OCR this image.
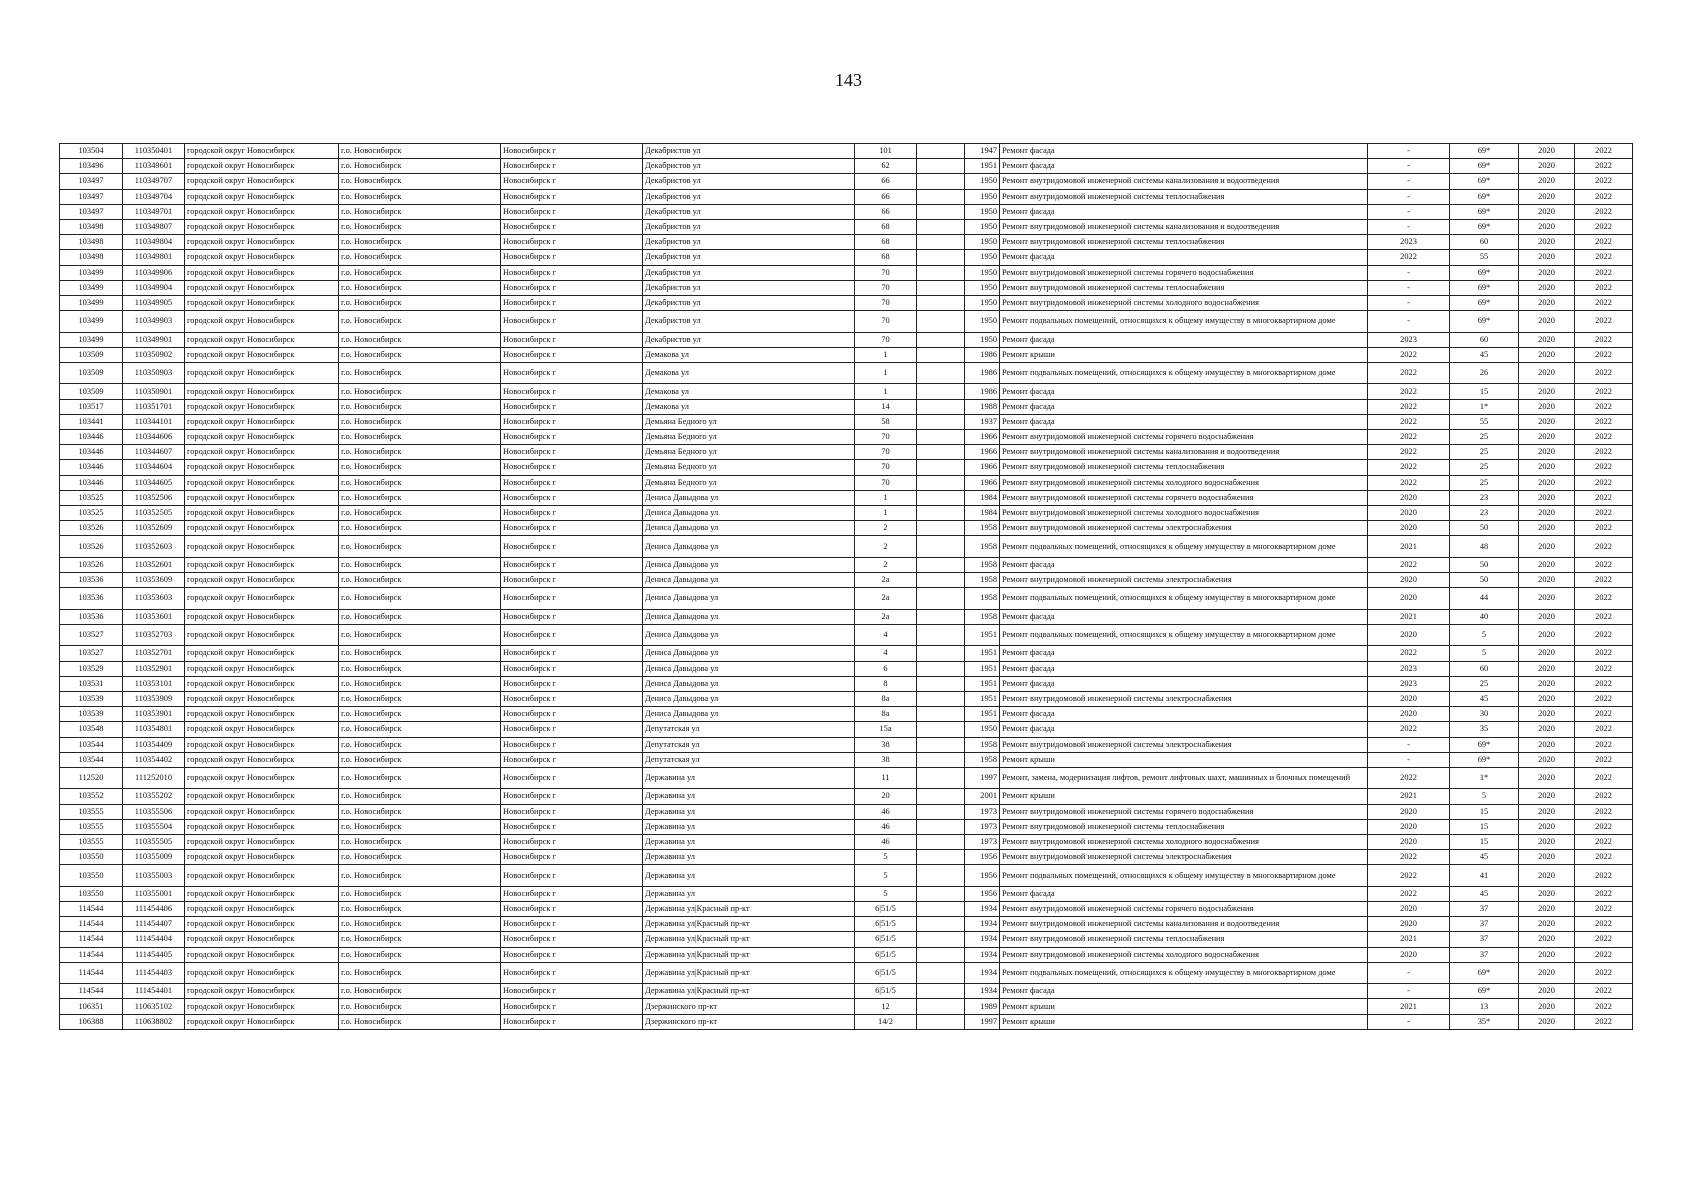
143
103504	110350401	городской округ Новосибирск	г.о. Новосибирск	Новосибирск г	Декабристов ул	101		1947	Ремонт фасада	-	69*	2020	2022
103496	110349601	городской округ Новосибирск	г.о. Новосибирск	Новосибирск г	Декабристов ул	62		1951	Ремонт фасада	-	69*	2020	2022
103497	110349707	городской округ Новосибирск	г.о. Новосибирск	Новосибирск г	Декабристов ул	66		1950	Ремонт внутридомовой инженерной системы канализования и водоотведения	-	69*	2020	2022
103497	110349704	городской округ Новосибирск	г.о. Новосибирск	Новосибирск г	Декабристов ул	66		1950	Ремонт внутридомовой инженерной системы теплоснабжения	-	69*	2020	2022
103497	110349701	городской округ Новосибирск	г.о. Новосибирск	Новосибирск г	Декабристов ул	66		1950	Ремонт фасада	-	69*	2020	2022
103498	110349807	городской округ Новосибирск	г.о. Новосибирск	Новосибирск г	Декабристов ул	68		1950	Ремонт внутридомовой инженерной системы канализования и водоотведения	-	69*	2020	2022
103498	110349804	городской округ Новосибирск	г.о. Новосибирск	Новосибирск г	Декабристов ул	68		1950	Ремонт внутридомовой инженерной системы теплоснабжения	2023	60	2020	2022
103498	110349801	городской округ Новосибирск	г.о. Новосибирск	Новосибирск г	Декабристов ул	68		1950	Ремонт фасада	2022	55	2020	2022
103499	110349906	городской округ Новосибирск	г.о. Новосибирск	Новосибирск г	Декабристов ул	70		1950	Ремонт внутридомовой инженерной системы горячего водоснабжения	-	69*	2020	2022
103499	110349904	городской округ Новосибирск	г.о. Новосибирск	Новосибирск г	Декабристов ул	70		1950	Ремонт внутридомовой инженерной системы теплоснабжения	-	69*	2020	2022
103499	110349905	городской округ Новосибирск	г.о. Новосибирск	Новосибирск г	Декабристов ул	70		1950	Ремонт внутридомовой инженерной системы холодного водоснабжения	-	69*	2020	2022
103499	110349903	городской округ Новосибирск	г.о. Новосибирск	Новосибирск г	Декабристов ул	70		1950	Ремонт подвальных помещений, относящихся к общему имуществу в многоквартирном доме	-	69*	2020	2022
103499	110349901	городской округ Новосибирск	г.о. Новосибирск	Новосибирск г	Декабристов ул	70		1950	Ремонт фасада	2023	60	2020	2022
103509	110350902	городской округ Новосибирск	г.о. Новосибирск	Новосибирск г	Демакова ул	1		1986	Ремонт крыши	2022	45	2020	2022
103509	110350903	городской округ Новосибирск	г.о. Новосибирск	Новосибирск г	Демакова ул	1		1986	Ремонт подвальных помещений, относящихся к общему имуществу в многоквартирном доме	2022	26	2020	2022
103509	110350901	городской округ Новосибирск	г.о. Новосибирск	Новосибирск г	Демакова ул	1		1986	Ремонт фасада	2022	15	2020	2022
103517	110351701	городской округ Новосибирск	г.о. Новосибирск	Новосибирск г	Демакова ул	14		1988	Ремонт фасада	2022	1*	2020	2022
103441	110344101	городской округ Новосибирск	г.о. Новосибирск	Новосибирск г	Демьяна Бедного ул	58		1937	Ремонт фасада	2022	55	2020	2022
103446	110344606	городской округ Новосибирск	г.о. Новосибирск	Новосибирск г	Демьяна Бедного ул	70		1966	Ремонт внутридомовой инженерной системы горячего водоснабжения	2022	25	2020	2022
103446	110344607	городской округ Новосибирск	г.о. Новосибирск	Новосибирск г	Демьяна Бедного ул	70		1966	Ремонт внутридомовой инженерной системы канализования и водоотведения	2022	25	2020	2022
103446	110344604	городской округ Новосибирск	г.о. Новосибирск	Новосибирск г	Демьяна Бедного ул	70		1966	Ремонт внутридомовой инженерной системы теплоснабжения	2022	25	2020	2022
103446	110344605	городской округ Новосибирск	г.о. Новосибирск	Новосибирск г	Демьяна Бедного ул	70		1966	Ремонт внутридомовой инженерной системы холодного водоснабжения	2022	25	2020	2022
103525	110352506	городской округ Новосибирск	г.о. Новосибирск	Новосибирск г	Дениса Давыдова ул	1		1984	Ремонт внутридомовой инженерной системы горячего водоснабжения	2020	23	2020	2022
103525	110352505	городской округ Новосибирск	г.о. Новосибирск	Новосибирск г	Дениса Давыдова ул	1		1984	Ремонт внутридомовой инженерной системы холодного водоснабжения	2020	23	2020	2022
103526	110352609	городской округ Новосибирск	г.о. Новосибирск	Новосибирск г	Дениса Давыдова ул	2		1958	Ремонт внутридомовой инженерной системы электроснабжения	2020	50	2020	2022
103526	110352603	городской округ Новосибирск	г.о. Новосибирск	Новосибирск г	Дениса Давыдова ул	2		1958	Ремонт подвальных помещений, относящихся к общему имуществу в многоквартирном доме	2021	48	2020	2022
103526	110352601	городской округ Новосибирск	г.о. Новосибирск	Новосибирск г	Дениса Давыдова ул	2		1958	Ремонт фасада	2022	50	2020	2022
103536	110353609	городской округ Новосибирск	г.о. Новосибирск	Новосибирск г	Дениса Давыдова ул	2а		1958	Ремонт внутридомовой инженерной системы электроснабжения	2020	50	2020	2022
103536	110353603	городской округ Новосибирск	г.о. Новосибирск	Новосибирск г	Дениса Давыдова ул	2а		1958	Ремонт подвальных помещений, относящихся к общему имуществу в многоквартирном доме	2020	44	2020	2022
103536	110353601	городской округ Новосибирск	г.о. Новосибирск	Новосибирск г	Дениса Давыдова ул	2а		1958	Ремонт фасада	2021	40	2020	2022
103527	110352703	городской округ Новосибирск	г.о. Новосибирск	Новосибирск г	Дениса Давыдова ул	4		1951	Ремонт подвальных помещений, относящихся к общему имуществу в многоквартирном доме	2020	5	2020	2022
103527	110352701	городской округ Новосибирск	г.о. Новосибирск	Новосибирск г	Дениса Давыдова ул	4		1951	Ремонт фасада	2022	5	2020	2022
103529	110352901	городской округ Новосибирск	г.о. Новосибирск	Новосибирск г	Дениса Давыдова ул	6		1951	Ремонт фасада	2023	60	2020	2022
103531	110353101	городской округ Новосибирск	г.о. Новосибирск	Новосибирск г	Дениса Давыдова ул	8		1951	Ремонт фасада	2023	25	2020	2022
103539	110353909	городской округ Новосибирск	г.о. Новосибирск	Новосибирск г	Дениса Давыдова ул	8а		1951	Ремонт внутридомовой инженерной системы электроснабжения	2020	45	2020	2022
103539	110353901	городской округ Новосибирск	г.о. Новосибирск	Новосибирск г	Дениса Давыдова ул	8а		1951	Ремонт фасада	2020	30	2020	2022
103548	110354801	городской округ Новосибирск	г.о. Новосибирск	Новосибирск г	Депутатская ул	15а		1950	Ремонт фасада	2022	35	2020	2022
103544	110354409	городской округ Новосибирск	г.о. Новосибирск	Новосибирск г	Депутатская ул	38		1958	Ремонт внутридомовой инженерной системы электроснабжения	-	69*	2020	2022
103544	110354402	городской округ Новосибирск	г.о. Новосибирск	Новосибирск г	Депутатская ул	38		1958	Ремонт крыши	-	69*	2020	2022
112520	111252010	городской округ Новосибирск	г.о. Новосибирск	Новосибирск г	Державина ул	11		1997	Ремонт, замена, модернизация лифтов, ремонт лифтовых шахт, машинных и блочных помещений	2022	1*	2020	2022
103552	110355202	городской округ Новосибирск	г.о. Новосибирск	Новосибирск г	Державина ул	20		2001	Ремонт крыши	2021	5	2020	2022
103555	110355506	городской округ Новосибирск	г.о. Новосибирск	Новосибирск г	Державина ул	46		1973	Ремонт внутридомовой инженерной системы горячего водоснабжения	2020	15	2020	2022
103555	110355504	городской округ Новосибирск	г.о. Новосибирск	Новосибирск г	Державина ул	46		1973	Ремонт внутридомовой инженерной системы теплоснабжения	2020	15	2020	2022
103555	110355505	городской округ Новосибирск	г.о. Новосибирск	Новосибирск г	Державина ул	46		1973	Ремонт внутридомовой инженерной системы холодного водоснабжения	2020	15	2020	2022
103550	110355009	городской округ Новосибирск	г.о. Новосибирск	Новосибирск г	Державина ул	5		1956	Ремонт внутридомовой инженерной системы электроснабжения	2022	45	2020	2022
103550	110355003	городской округ Новосибирск	г.о. Новосибирск	Новосибирск г	Державина ул	5		1956	Ремонт подвальных помещений, относящихся к общему имуществу в многоквартирном доме	2022	41	2020	2022
103550	110355001	городской округ Новосибирск	г.о. Новосибирск	Новосибирск г	Державина ул	5		1956	Ремонт фасада	2022	45	2020	2022
114544	111454406	городской округ Новосибирск	г.о. Новосибирск	Новосибирск г	Державина ул|Красный пр-кт	6|51/5		1934	Ремонт внутридомовой инженерной системы горячего водоснабжения	2020	37	2020	2022
114544	111454407	городской округ Новосибирск	г.о. Новосибирск	Новосибирск г	Державина ул|Красный пр-кт	6|51/5		1934	Ремонт внутридомовой инженерной системы канализования и водоотведения	2020	37	2020	2022
114544	111454404	городской округ Новосибирск	г.о. Новосибирск	Новосибирск г	Державина ул|Красный пр-кт	6|51/5		1934	Ремонт внутридомовой инженерной системы теплоснабжения	2021	37	2020	2022
114544	111454405	городской округ Новосибирск	г.о. Новосибирск	Новосибирск г	Державина ул|Красный пр-кт	6|51/5		1934	Ремонт внутридомовой инженерной системы холодного водоснабжения	2020	37	2020	2022
114544	111454403	городской округ Новосибирск	г.о. Новосибирск	Новосибирск г	Державина ул|Красный пр-кт	6|51/5		1934	Ремонт подвальных помещений, относящихся к общему имуществу в многоквартирном доме	-	69*	2020	2022
114544	111454401	городской округ Новосибирск	г.о. Новосибирск	Новосибирск г	Державина ул|Красный пр-кт	6|51/5		1934	Ремонт фасада	-	69*	2020	2022
106351	110635102	городской округ Новосибирск	г.о. Новосибирск	Новосибирск г	Дзержинского пр-кт	12		1989	Ремонт крыши	2021	13	2020	2022
106388	110638802	городской округ Новосибирск	г.о. Новосибирск	Новосибирск г	Дзержинского пр-кт	14/2		1997	Ремонт крыши	-	35*	2020	2022
